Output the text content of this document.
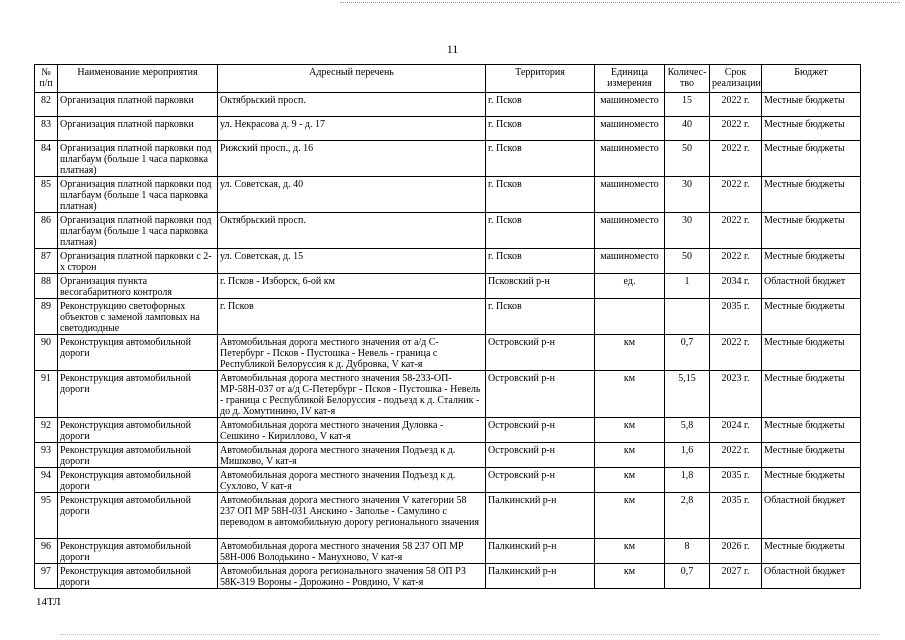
11
№ п/п	Наименование мероприятия	Адресный перечень	Территория	Единица измерения	Количес-тво	Срок реализации	Бюджет
82	Организация платной парковки	Октябрьский просп.	г. Псков	машиноместо	15	2022 г.	Местные бюджеты
83	Организация платной парковки	ул. Некрасова д. 9 - д. 17	г. Псков	машиноместо	40	2022 г.	Местные бюджеты
84	Организация платной парковки под шлагбаум (больше 1 часа парковка платная)	Рижский просп., д. 16	г. Псков	машиноместо	50	2022 г.	Местные бюджеты
85	Организация платной парковки под шлагбаум (больше 1 часа парковка платная)	ул. Советская, д. 40	г. Псков	машиноместо	30	2022 г.	Местные бюджеты
86	Организация платной парковки под шлагбаум (больше 1 часа парковка платная)	Октябрьский просп.	г. Псков	машиноместо	30	2022 г.	Местные бюджеты
87	Организация платной парковки с 2-х сторон	ул. Советская, д. 15	г. Псков	машиноместо	50	2022 г.	Местные бюджеты
88	Организация пункта весогабаритного контроля	г. Псков - Изборск, 6-ой км	Псковский р-н	ед.	1	2034 г.	Областной бюджет
89	Реконструкцию светофорных объектов с заменой ламповых на светодиодные	г. Псков	г. Псков			2035 г.	Местные бюджеты
90	Реконструкция автомобильной дороги	Автомобильная дорога местного значения от а/д С-Петербург - Псков - Пустошка - Невель - граница с Республикой Белоруссия к д. Дубровка, V кат-я	Островский р-н	км	0,7	2022 г.	Местные бюджеты
91	Реконструкция автомобильной дороги	Автомобильная дорога местного значения 58-233-ОП-МР-58Н-037 от а/д С-Петербург - Псков - Пустошка - Невель - граница с Республикой Белоруссия - подъезд к д. Сталник - до д. Хомутинино, IV кат-я	Островский р-н	км	5,15	2023 г.	Местные бюджеты
92	Реконструкция автомобильной дороги	Автомобильная дорога местного значения Дуловка - Сешкино - Кириллово, V кат-я	Островский р-н	км	5,8	2024 г.	Местные бюджеты
93	Реконструкция автомобильной дороги	Автомобильная дорога местного значения Подъезд к д. Мишково, V кат-я	Островский р-н	км	1,6	2022 г.	Местные бюджеты
94	Реконструкция автомобильной дороги	Автомобильная дорога местного значения Подъезд к д. Сухлово, V кат-я	Островский р-н	км	1,8	2035 г.	Местные бюджеты
95	Реконструкция автомобильной дороги	Автомобильная дорога местного значения V категории 58 237 ОП МР 58Н-031 Анскино - Заполье - Самулино с переводом в автомобильную дорогу регионального значения	Палкинский р-н	км	2,8	2035 г.	Областной бюджет
96	Реконструкция автомобильной дороги	Автомобильная дорога местного значения 58 237 ОП МР 58Н-006 Володькино - Манухново, V кат-я	Палкинский р-н	км	8	2026 г.	Местные бюджеты
97	Реконструкция автомобильной дороги	Автомобильная дорога регионального значения 58 ОП РЗ 58К-319 Вороны - Дорожино - Ровдино, V кат-я	Палкинский р-н	км	0,7	2027 г.	Областной бюджет
14ТЛ
